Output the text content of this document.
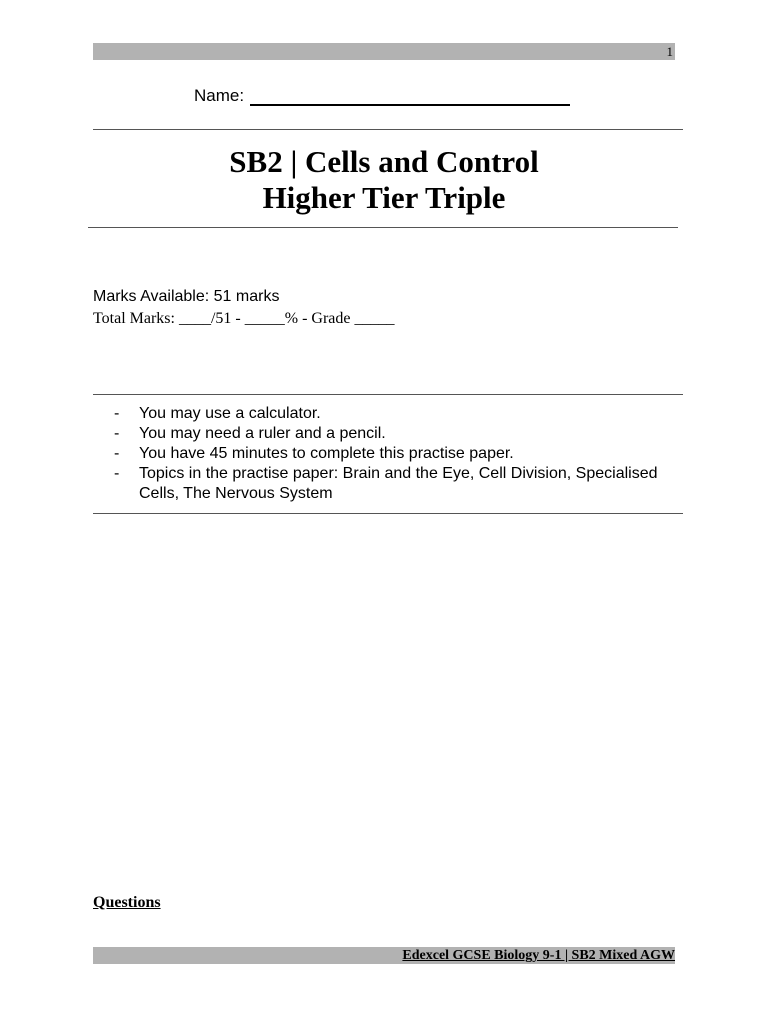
1
Name:
SB2 | Cells and Control
Higher Tier Triple
Marks Available: 51 marks
Total Marks: ____/51 - _____% - Grade _____
-	You may use a calculator.
-	You may need a ruler and a pencil.
-	You have 45 minutes to complete this practise paper.
-	Topics in the practise paper: Brain and the Eye, Cell Division, Specialised Cells, The Nervous System
Questions
Edexcel GCSE Biology 9-1 | SB2 Mixed AGW
